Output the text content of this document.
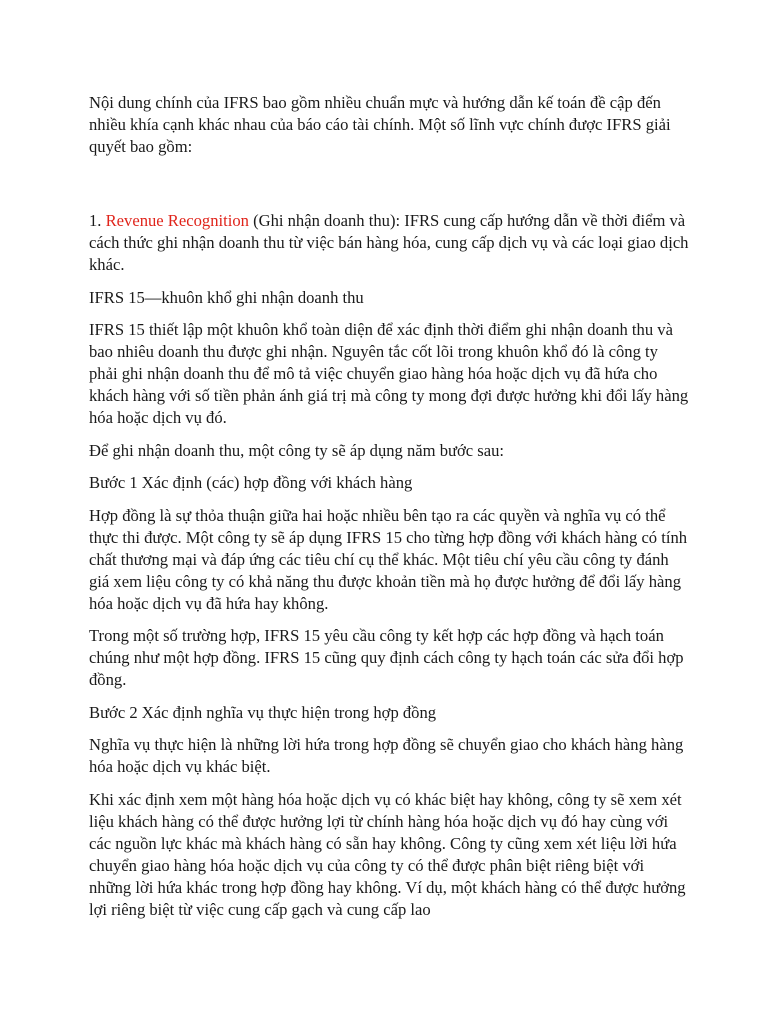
Nội dung chính của IFRS bao gồm nhiều chuẩn mực và hướng dẫn kế toán đề cập đến nhiều khía cạnh khác nhau của báo cáo tài chính. Một số lĩnh vực chính được IFRS giải quyết bao gồm:

1. Revenue Recognition (Ghi nhận doanh thu): IFRS cung cấp hướng dẫn về thời điểm và cách thức ghi nhận doanh thu từ việc bán hàng hóa, cung cấp dịch vụ và các loại giao dịch khác.

IFRS 15—khuôn khổ ghi nhận doanh thu

IFRS 15 thiết lập một khuôn khổ toàn diện để xác định thời điểm ghi nhận doanh thu và bao nhiêu doanh thu được ghi nhận. Nguyên tắc cốt lõi trong khuôn khổ đó là công ty phải ghi nhận doanh thu để mô tả việc chuyển giao hàng hóa hoặc dịch vụ đã hứa cho khách hàng với số tiền phản ánh giá trị mà công ty mong đợi được hưởng khi đổi lấy hàng hóa hoặc dịch vụ đó.

Để ghi nhận doanh thu, một công ty sẽ áp dụng năm bước sau:

Bước 1 Xác định (các) hợp đồng với khách hàng

Hợp đồng là sự thỏa thuận giữa hai hoặc nhiều bên tạo ra các quyền và nghĩa vụ có thể thực thi được. Một công ty sẽ áp dụng IFRS 15 cho từng hợp đồng với khách hàng có tính chất thương mại và đáp ứng các tiêu chí cụ thể khác. Một tiêu chí yêu cầu công ty đánh giá xem liệu công ty có khả năng thu được khoản tiền mà họ được hưởng để đổi lấy hàng hóa hoặc dịch vụ đã hứa hay không.

Trong một số trường hợp, IFRS 15 yêu cầu công ty kết hợp các hợp đồng và hạch toán chúng như một hợp đồng. IFRS 15 cũng quy định cách công ty hạch toán các sửa đổi hợp đồng.

Bước 2 Xác định nghĩa vụ thực hiện trong hợp đồng

Nghĩa vụ thực hiện là những lời hứa trong hợp đồng sẽ chuyển giao cho khách hàng hàng hóa hoặc dịch vụ khác biệt.

Khi xác định xem một hàng hóa hoặc dịch vụ có khác biệt hay không, công ty sẽ xem xét liệu khách hàng có thể được hưởng lợi từ chính hàng hóa hoặc dịch vụ đó hay cùng với các nguồn lực khác mà khách hàng có sẵn hay không. Công ty cũng xem xét liệu lời hứa chuyển giao hàng hóa hoặc dịch vụ của công ty có thể được phân biệt riêng biệt với những lời hứa khác trong hợp đồng hay không. Ví dụ, một khách hàng có thể được hưởng lợi riêng biệt từ việc cung cấp gạch và cung cấp lao
